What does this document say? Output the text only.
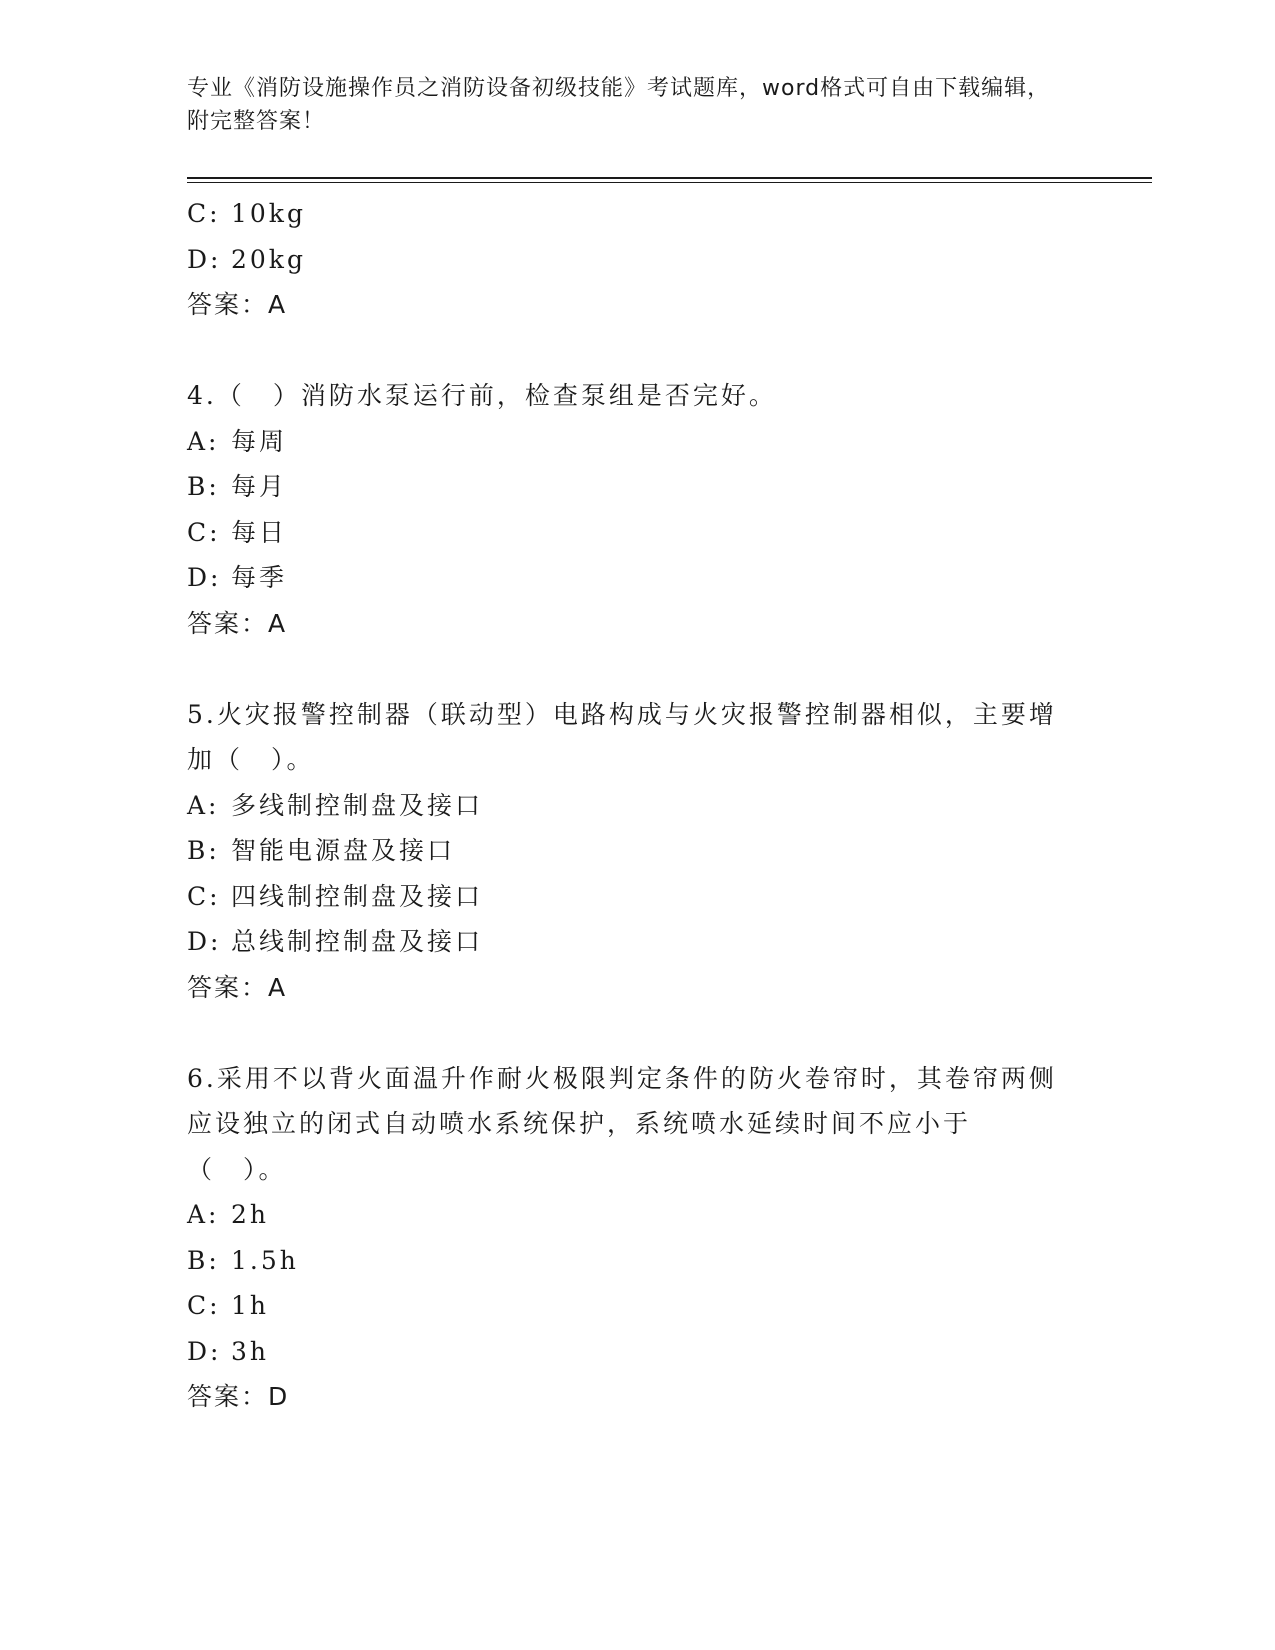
专业《消防设施操作员之消防设备初级技能》考试题库，word格式可自由下载编辑，附完整答案！
C: 10kg
D: 20kg
答案：A
4.（　）消防水泵运行前，检查泵组是否完好。
A: 每周
B: 每月
C: 每日
D: 每季
答案：A
5.火灾报警控制器（联动型）电路构成与火灾报警控制器相似，主要增加（　）。
A: 多线制控制盘及接口
B: 智能电源盘及接口
C: 四线制控制盘及接口
D: 总线制控制盘及接口
答案：A
6.采用不以背火面温升作耐火极限判定条件的防火卷帘时，其卷帘两侧应设独立的闭式自动喷水系统保护，系统喷水延续时间不应小于（　）。
A: 2h
B: 1.5h
C: 1h
D: 3h
答案：D
